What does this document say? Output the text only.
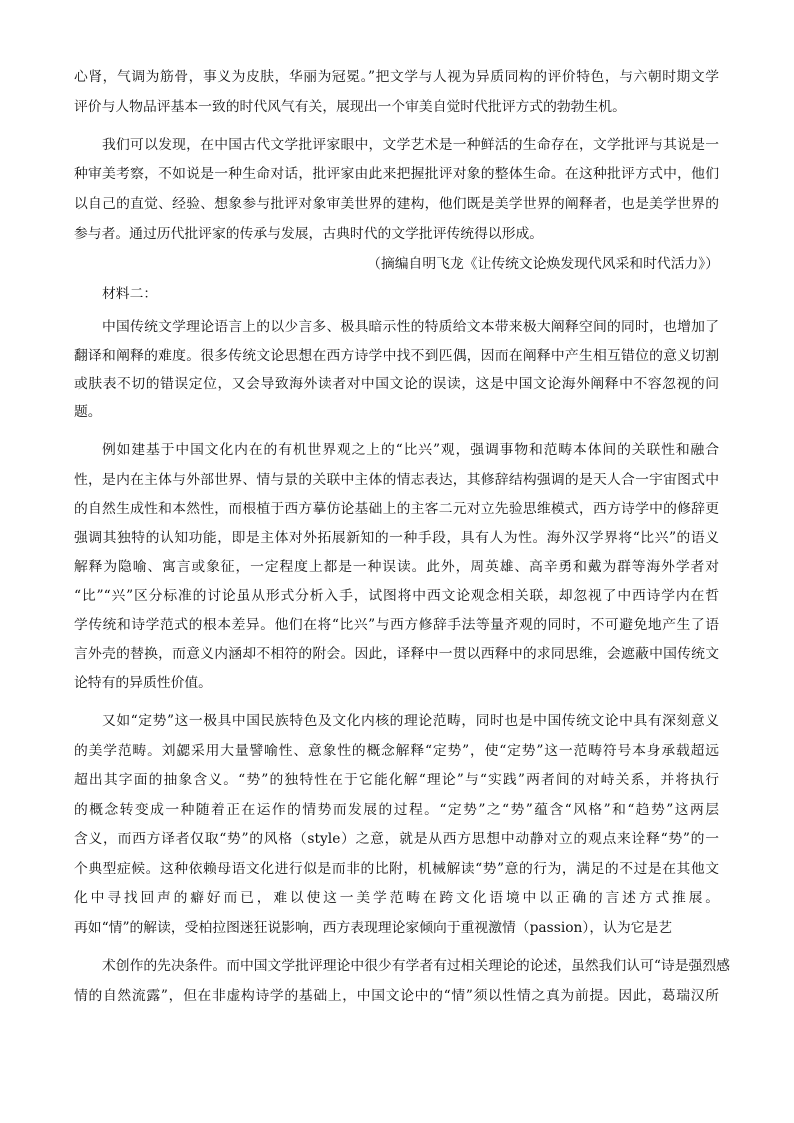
心肾，气调为筋骨，事义为皮肤，华丽为冠冕。”把文学与人视为异质同构的评价特色，与六朝时期文学
评价与人物品评基本一致的时代风气有关，展现出一个审美自觉时代批评方式的勃勃生机。
我们可以发现，在中国古代文学批评家眼中，文学艺术是一种鲜活的生命存在，文学批评与其说是一
种审美考察，不如说是一种生命对话，批评家由此来把握批评对象的整体生命。在这种批评方式中，他们
以自己的直觉、经验、想象参与批评对象审美世界的建构，他们既是美学世界的阐释者，也是美学世界的
参与者。通过历代批评家的传承与发展，古典时代的文学批评传统得以形成。
（摘编自明飞龙《让传统文论焕发现代风采和时代活力》）
材料二：
中国传统文学理论语言上的以少言多、极具暗示性的特质给文本带来极大阐释空间的同时，也增加了
翻译和阐释的难度。很多传统文论思想在西方诗学中找不到匹偶，因而在阐释中产生相互错位的意义切割
或肤表不切的错误定位，又会导致海外读者对中国文论的误读，这是中国文论海外阐释中不容忽视的问
题。
例如建基于中国文化内在的有机世界观之上的“比兴”观，强调事物和范畴本体间的关联性和融合
性，是内在主体与外部世界、情与景的关联中主体的情志表达，其修辞结构强调的是天人合一宇宙图式中
的自然生成性和本然性，而根植于西方摹仿论基础上的主客二元对立先验思维模式，西方诗学中的修辞更
强调其独特的认知功能，即是主体对外拓展新知的一种手段，具有人为性。海外汉学界将“比兴”的语义
解释为隐喻、寓言或象征，一定程度上都是一种误读。此外，周英雄、高辛勇和戴为群等海外学者对
“比”“兴”区分标准的讨论虽从形式分析入手，试图将中西文论观念相关联，却忽视了中西诗学内在哲
学传统和诗学范式的根本差异。他们在将“比兴”与西方修辞手法等量齐观的同时，不可避免地产生了语
言外壳的替换，而意义内涵却不相符的附会。因此，译释中一贯以西释中的求同思维，会遮蔽中国传统文
论特有的异质性价值。
又如“定势”这一极具中国民族特色及文化内核的理论范畴，同时也是中国传统文论中具有深刻意义
的美学范畴。刘勰采用大量譬喻性、意象性的概念解释“定势”，使“定势”这一范畴符号本身承载超远
超出其字面的抽象含义。“势”的独特性在于它能化解“理论”与“实践”两者间的对峙关系，并将执行
的概念转变成一种随着正在运作的情势而发展的过程。“定势”之“势”蕴含“风格”和“趋势”这两层
含义，而西方译者仅取“势”的风格（style）之意，就是从西方思想中动静对立的观点来诠释“势”的一
个典型症候。这种依赖母语文化进行似是而非的比附，机械解读“势”意的行为，满足的不过是在其他文
化中寻找回声的癖好而已，难以使这一美学范畴在跨文化语境中以正确的言述方式推展。
再如“情”的解读，受柏拉图迷狂说影响，西方表现理论家倾向于重视激情（passion），认为它是艺
术创作的先决条件。而中国文学批评理论中很少有学者有过相关理论的论述，虽然我们认可“诗是强烈感
情的自然流露”，但在非虚构诗学的基础上，中国文论中的“情”须以性情之真为前提。因此，葛瑞汉所
